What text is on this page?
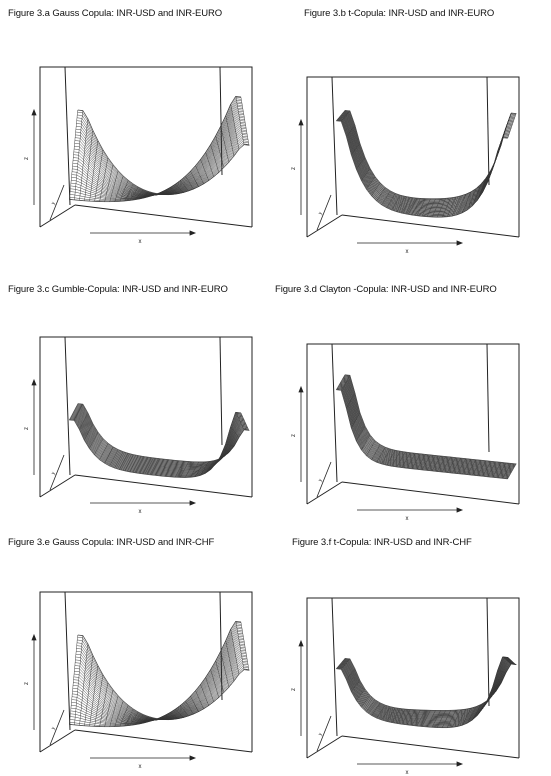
Figure 3.a Gauss Copula: INR-USD and INR-EURO	Figure 3.b t-Copula: INR-USD and INR-EURO
x
z
y
x
z
y
Figure 3.c Gumble-Copula: INR-USD and INR-EURO	Figure 3.d Clayton -Copula: INR-USD and INR-EURO
x
z
y
x
z
y
Figure 3.e Gauss Copula: INR-USD and INR-CHF	Figure 3.f t-Copula: INR-USD and INR-CHF
x
z
y
x
z
y
